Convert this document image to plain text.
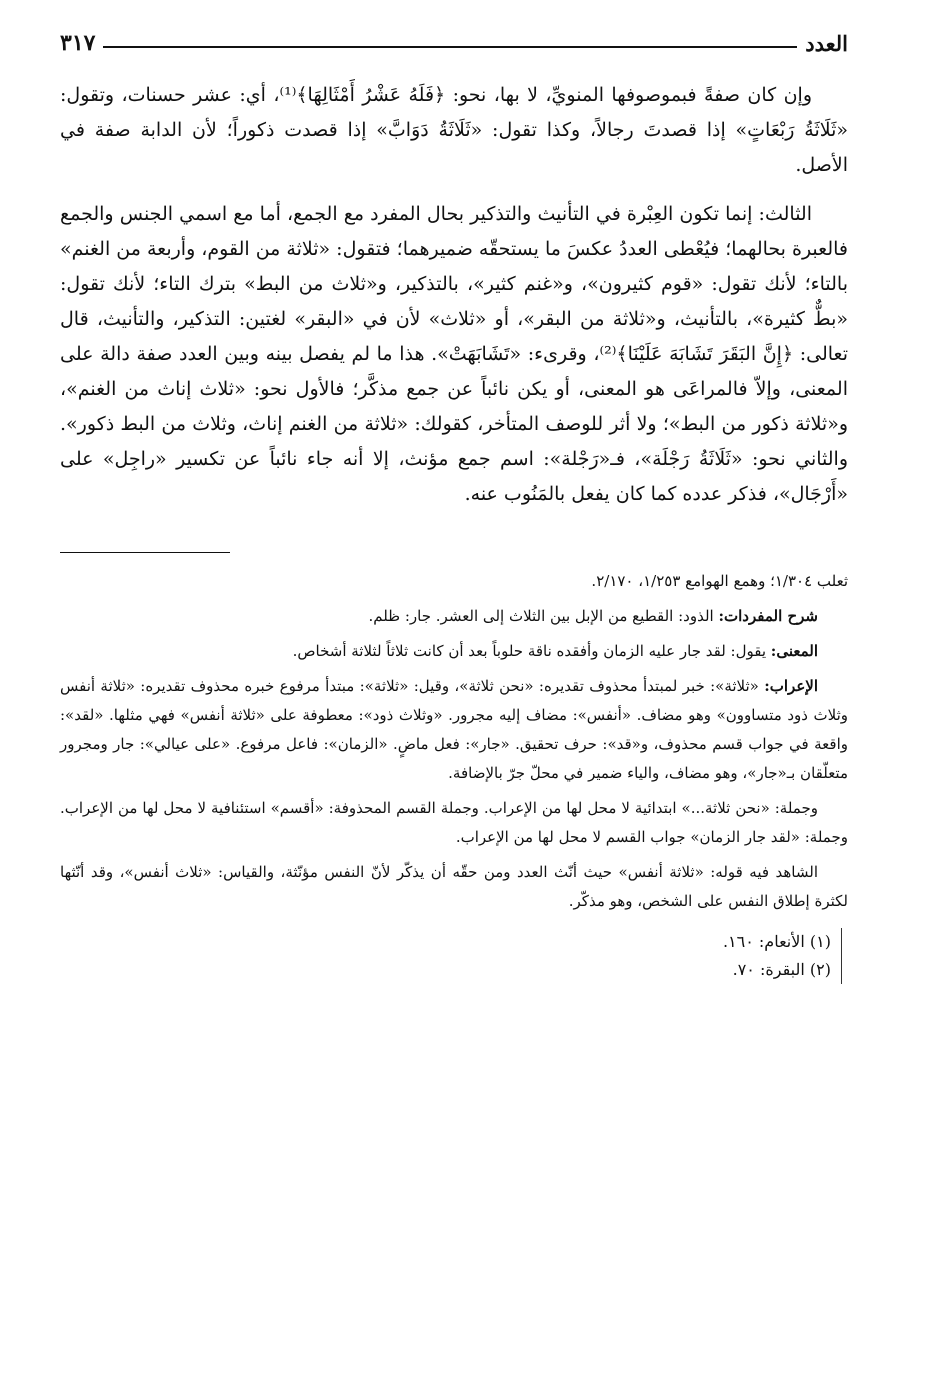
العدد
٣١٧

وإن كان صفةً فبموصوفها المنويِّ، لا بها، نحو: ﴿فَلَهُ عَشْرُ أَمْثَالِهَا﴾⁽¹⁾، أي: عشر حسنات، وتقول: «ثَلَاثَةُ رَبْعَاتٍ» إذا قصدتَ رجالاً، وكذا تقول: «ثَلَاثَةُ دَوَابَّ» إذا قصدت ذكوراً؛ لأن الدابة صفة في الأصل.

الثالث: إنما تكون العِبْرة في التأنيث والتذكير بحال المفرد مع الجمع، أما مع اسمي الجنس والجمع فالعبرة بحالهما؛ فيُعْطى العددُ عكسَ ما يستحقّه ضميرهما؛ فتقول: «ثلاثة من القوم، وأربعة من الغنم» بالتاء؛ لأنك تقول: «قوم كثيرون»، و«غنم كثير»، بالتذكير، و«ثلاث من البط» بترك التاء؛ لأنك تقول: «بطٌّ كثيرة»، بالتأنيث، و«ثلاثة من البقر»، أو «ثلاث» لأن في «البقر» لغتين: التذكير، والتأنيث، قال تعالى: ﴿إِنَّ البَقَرَ تَشَابَهَ عَلَيْنَا﴾⁽²⁾، وقرىء: «تَشَابَهَتْ». هذا ما لم يفصل بينه وبين العدد صفة دالة على المعنى، وإلاّ فالمراعَى هو المعنى، أو يكن نائباً عن جمع مذكَّر؛ فالأول نحو: «ثلاث إناث من الغنم»، و«ثلاثة ذكور من البط»؛ ولا أثر للوصف المتأخر، كقولك: «ثلاثة من الغنم إناث، وثلاث من البط ذكور». والثاني نحو: «ثَلَاثَةُ رَجْلَة»، فـ«رَجْلة»: اسم جمع مؤنث، إلا أنه جاء نائباً عن تكسير «راجِل» على «أَرْجَال»، فذكر عدده كما كان يفعل بالمَنُوب عنه.

ثعلب ١/٣٠٤؛ وهمع الهوامع ١/٢٥٣، ٢/١٧٠.

شرح المفردات: الذود: القطيع من الإبل بين الثلاث إلى العشر. جار: ظلم.

المعنى: يقول: لقد جار عليه الزمان وأفقده ناقة حلوباً بعد أن كانت ثلاثاً لثلاثة أشخاص.

الإعراب: «ثلاثة»: خبر لمبتدأ محذوف تقديره: «نحن ثلاثة»، وقيل: «ثلاثة»: مبتدأ مرفوع خبره محذوف تقديره: «ثلاثة أنفس وثلاث ذود متساوون» وهو مضاف. «أنفس»: مضاف إليه مجرور. «وثلاث ذود»: معطوفة على «ثلاثة أنفس» فهي مثلها. «لقد»: واقعة في جواب قسم محذوف، و«قد»: حرف تحقيق. «جار»: فعل ماضٍ. «الزمان»: فاعل مرفوع. «على عيالي»: جار ومجرور متعلّقان بـ«جار»، وهو مضاف، والياء ضمير في محلّ جرّ بالإضافة.

وجملة: «نحن ثلاثة...» ابتدائية لا محل لها من الإعراب. وجملة القسم المحذوفة: «أقسم» استئنافية لا محل لها من الإعراب. وجملة: «لقد جار الزمان» جواب القسم لا محل لها من الإعراب.

الشاهد فيه قوله: «ثلاثة أنفس» حيث أنّث العدد ومن حقّه أن يذكّر لأنّ النفس مؤنّثة، والقياس: «ثلاث أنفس»، وقد أنّثها لكثرة إطلاق النفس على الشخص، وهو مذكّر.

(١) الأنعام: ١٦٠.
(٢) البقرة: ٧٠.
